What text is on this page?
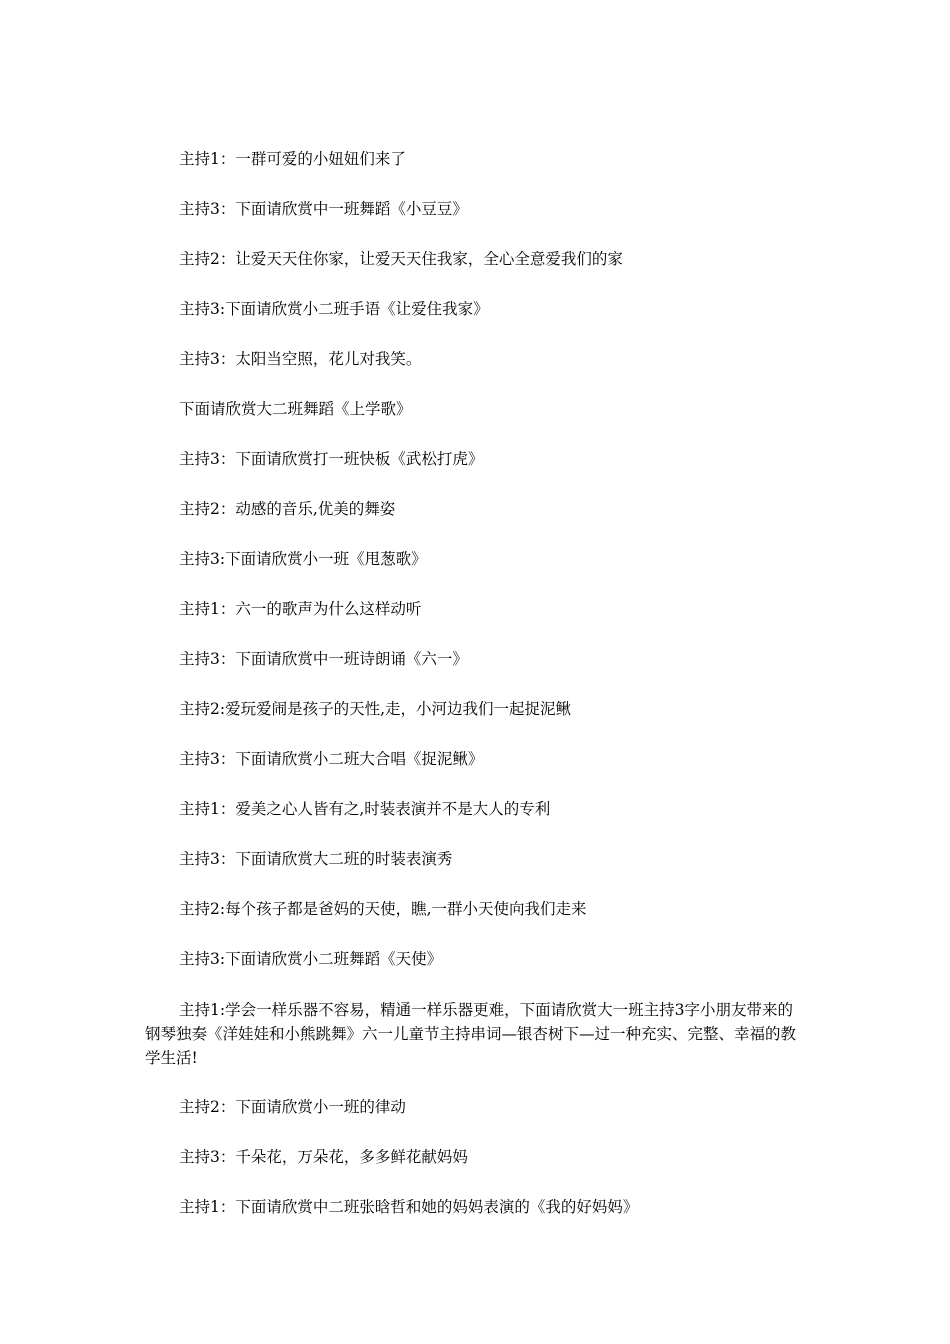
主持1：一群可爱的小妞妞们来了

主持3：下面请欣赏中一班舞蹈《小豆豆》

主持2：让爱天天住你家，让爱天天住我家，全心全意爱我们的家

主持3:下面请欣赏小二班手语《让爱住我家》

主持3：太阳当空照，花儿对我笑。

下面请欣赏大二班舞蹈《上学歌》

主持3：下面请欣赏打一班快板《武松打虎》

主持2：动感的音乐,优美的舞姿

主持3:下面请欣赏小一班《甩葱歌》

主持1：六一的歌声为什么这样动听

主持3：下面请欣赏中一班诗朗诵《六一》

主持2:爱玩爱闹是孩子的天性,走，小河边我们一起捉泥鳅

主持3：下面请欣赏小二班大合唱《捉泥鳅》

主持1：爱美之心人皆有之,时装表演并不是大人的专利

主持3：下面请欣赏大二班的时装表演秀

主持2:每个孩子都是爸妈的天使，瞧,一群小天使向我们走来

主持3:下面请欣赏小二班舞蹈《天使》

主持1:学会一样乐器不容易，精通一样乐器更难，下面请欣赏大一班主持3字小朋友带来的钢琴独奏《洋娃娃和小熊跳舞》六一儿童节主持串词—银杏树下—过一种充实、完整、幸福的教学生活!

主持2：下面请欣赏小一班的律动

主持3：千朵花，万朵花，多多鲜花献妈妈

主持1：下面请欣赏中二班张晗哲和她的妈妈表演的《我的好妈妈》
